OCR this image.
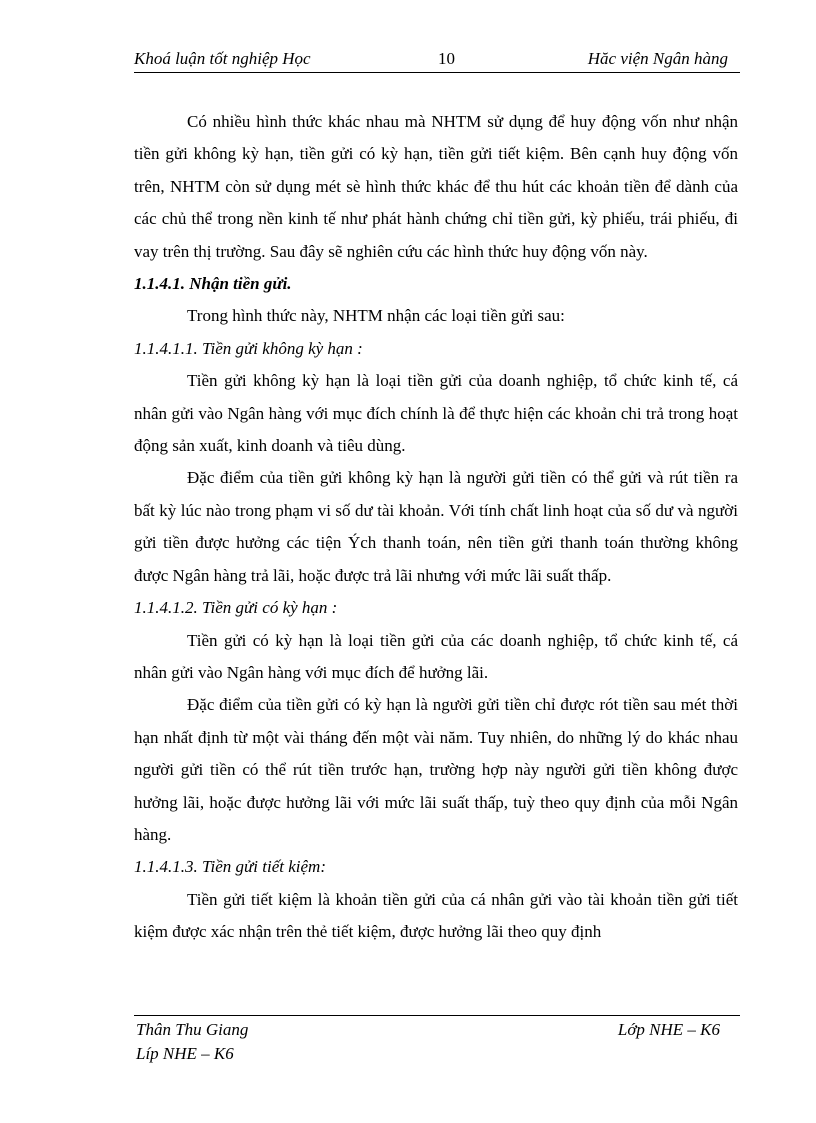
Khoá luận tốt nghiệp Học	10	Hăc viện Ngân hàng

Có nhiều hình thức khác nhau mà NHTM sử dụng để huy động vốn như nhận tiền gửi không kỳ hạn, tiền gửi có kỳ hạn, tiền gửi tiết kiệm. Bên cạnh huy động vốn trên, NHTM còn sử dụng mét sè hình thức khác để thu hút các khoản tiền để dành của các chủ thể trong nền kinh tế như phát hành chứng chỉ tiền gửi, kỳ phiếu, trái phiếu, đi vay trên thị trường. Sau đây sẽ nghiên cứu các hình thức huy động vốn này.

1.1.4.1. Nhận tiền gửi.

Trong hình thức này, NHTM nhận các loại tiền gửi sau:

1.1.4.1.1. Tiền gửi không kỳ hạn :

Tiền gửi không kỳ hạn là loại tiền gửi của doanh nghiệp, tổ chức kinh tế, cá nhân gửi vào Ngân hàng với mục đích chính là để thực hiện các khoản chi trả trong hoạt động sản xuất, kinh doanh và tiêu dùng.

Đặc điểm của tiền gửi không kỳ hạn là người gửi tiền có thể gửi và rút tiền ra bất kỳ lúc nào trong phạm vi số dư tài khoản. Với tính chất linh hoạt của số dư và người gửi tiền được hưởng các tiện Ých thanh toán, nên tiền gửi thanh toán thường không được Ngân hàng trả lãi, hoặc được trả lãi nhưng với mức lãi suất thấp.

1.1.4.1.2. Tiền gửi có kỳ hạn :

Tiền gửi có kỳ hạn là loại tiền gửi của các doanh nghiệp, tổ chức kinh tế, cá nhân gửi vào Ngân hàng với mục đích để hưởng lãi.

Đặc điểm của tiền gửi có kỳ hạn là người gửi tiền chỉ được rót tiền sau mét thời hạn nhất định từ một vài tháng đến một vài năm. Tuy nhiên, do những lý do khác nhau người gửi tiền có thể rút tiền trước hạn, trường hợp này người gửi tiền không được hưởng lãi, hoặc được hưởng lãi với mức lãi suất thấp, tuỳ theo quy định của mỗi Ngân hàng.

1.1.4.1.3. Tiền gửi tiết kiệm:

Tiền gửi tiết kiệm là khoản tiền gửi của cá nhân gửi vào tài khoản tiền gửi tiết kiệm được xác nhận trên thẻ tiết kiệm, được hưởng lãi theo quy định

Thân Thu Giang	Lớp NHE – K6
Líp NHE – K6
